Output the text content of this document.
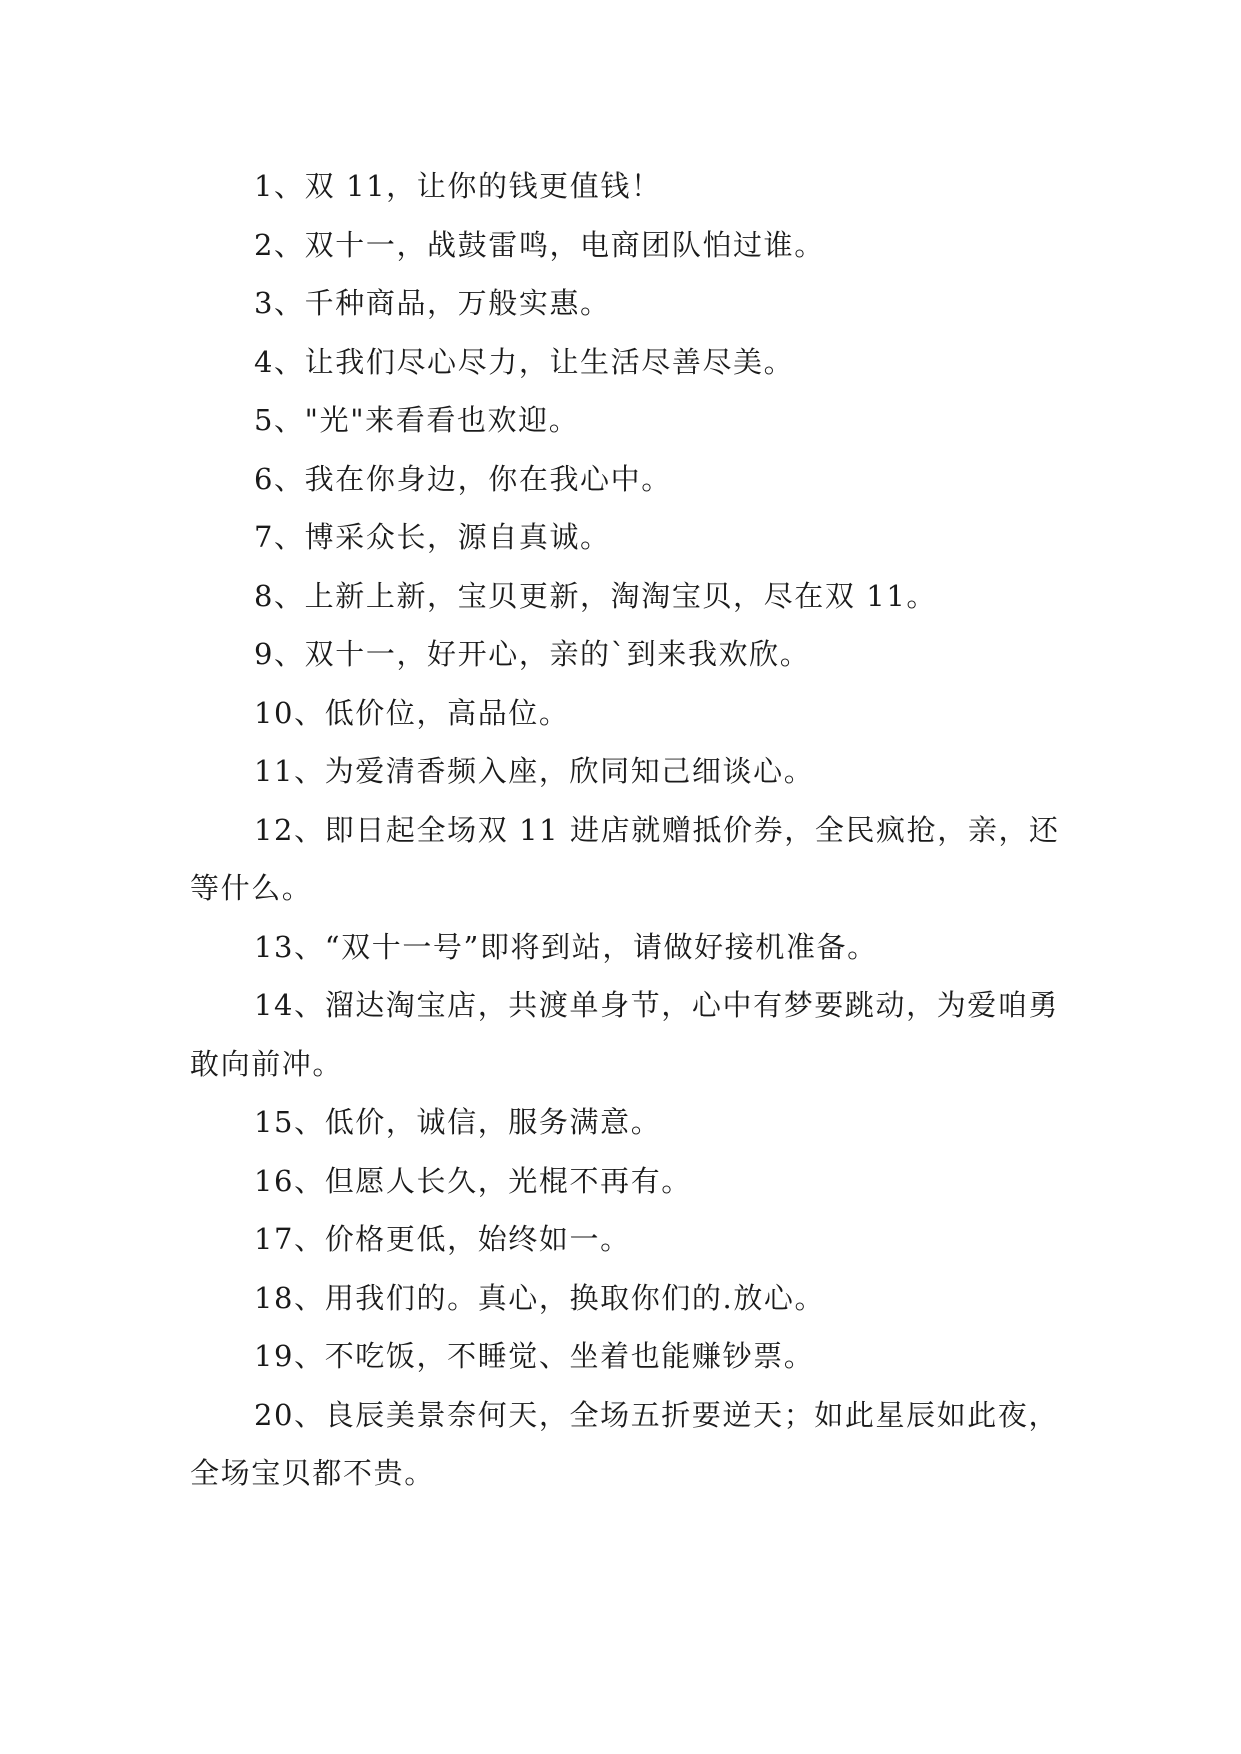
1、双 11，让你的钱更值钱！

2、双十一，战鼓雷鸣，电商团队怕过谁。

3、千种商品，万般实惠。

4、让我们尽心尽力，让生活尽善尽美。

5、"光"来看看也欢迎。

6、我在你身边，你在我心中。

7、博采众长，源自真诚。

8、上新上新，宝贝更新，淘淘宝贝，尽在双 11。

9、双十一，好开心，亲的`到来我欢欣。

10、低价位，高品位。

11、为爱清香频入座，欣同知己细谈心。

12、即日起全场双 11 进店就赠抵价券，全民疯抢，亲，还等什么。

13、“双十一号”即将到站，请做好接机准备。

14、溜达淘宝店，共渡单身节，心中有梦要跳动，为爱咱勇敢向前冲。

15、低价，诚信，服务满意。

16、但愿人长久，光棍不再有。

17、价格更低，始终如一。

18、用我们的。真心，换取你们的.放心。

19、不吃饭，不睡觉、坐着也能赚钞票。

20、良辰美景奈何天，全场五折要逆天；如此星辰如此夜，全场宝贝都不贵。
